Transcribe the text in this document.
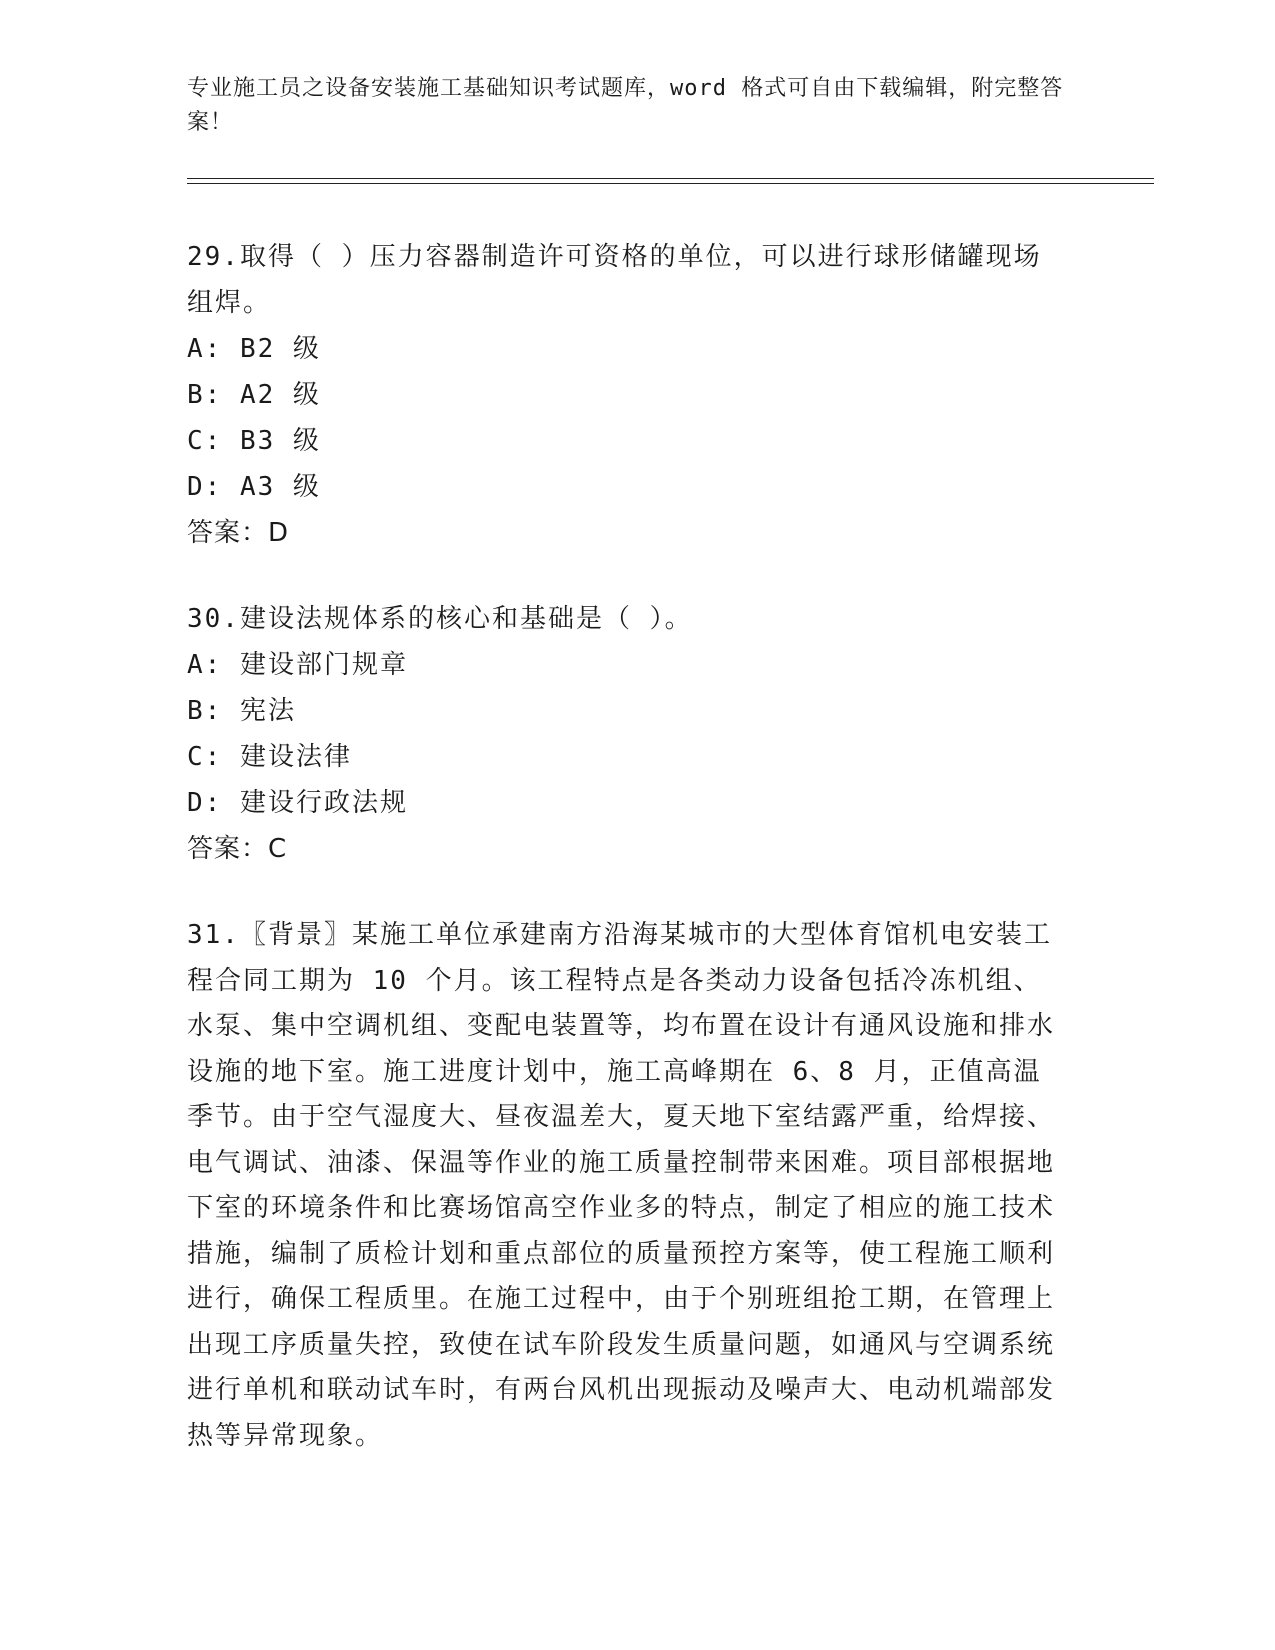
专业施工员之设备安装施工基础知识考试题库，word 格式可自由下载编辑，附完整答案！

29.取得（ ）压力容器制造许可资格的单位，可以进行球形储罐现场组焊。

A: B2 级

B: A2 级

C: B3 级

D: A3 级

答案：D

30.建设法规体系的核心和基础是（ ）。

A: 建设部门规章

B: 宪法

C: 建设法律

D: 建设行政法规

答案：C

31.〖背景〗某施工单位承建南方沿海某城市的大型体育馆机电安装工程合同工期为 10 个月。该工程特点是各类动力设备包括冷冻机组、水泵、集中空调机组、变配电装置等，均布置在设计有通风设施和排水设施的地下室。施工进度计划中，施工高峰期在 6、8 月，正值高温季节。由于空气湿度大、昼夜温差大，夏天地下室结露严重，给焊接、电气调试、油漆、保温等作业的施工质量控制带来困难。项目部根据地下室的环境条件和比赛场馆高空作业多的特点，制定了相应的施工技术措施，编制了质检计划和重点部位的质量预控方案等，使工程施工顺利进行，确保工程质里。在施工过程中，由于个别班组抢工期，在管理上出现工序质量失控，致使在试车阶段发生质量问题，如通风与空调系统进行单机和联动试车时，有两台风机出现振动及噪声大、电动机端部发热等异常现象。
